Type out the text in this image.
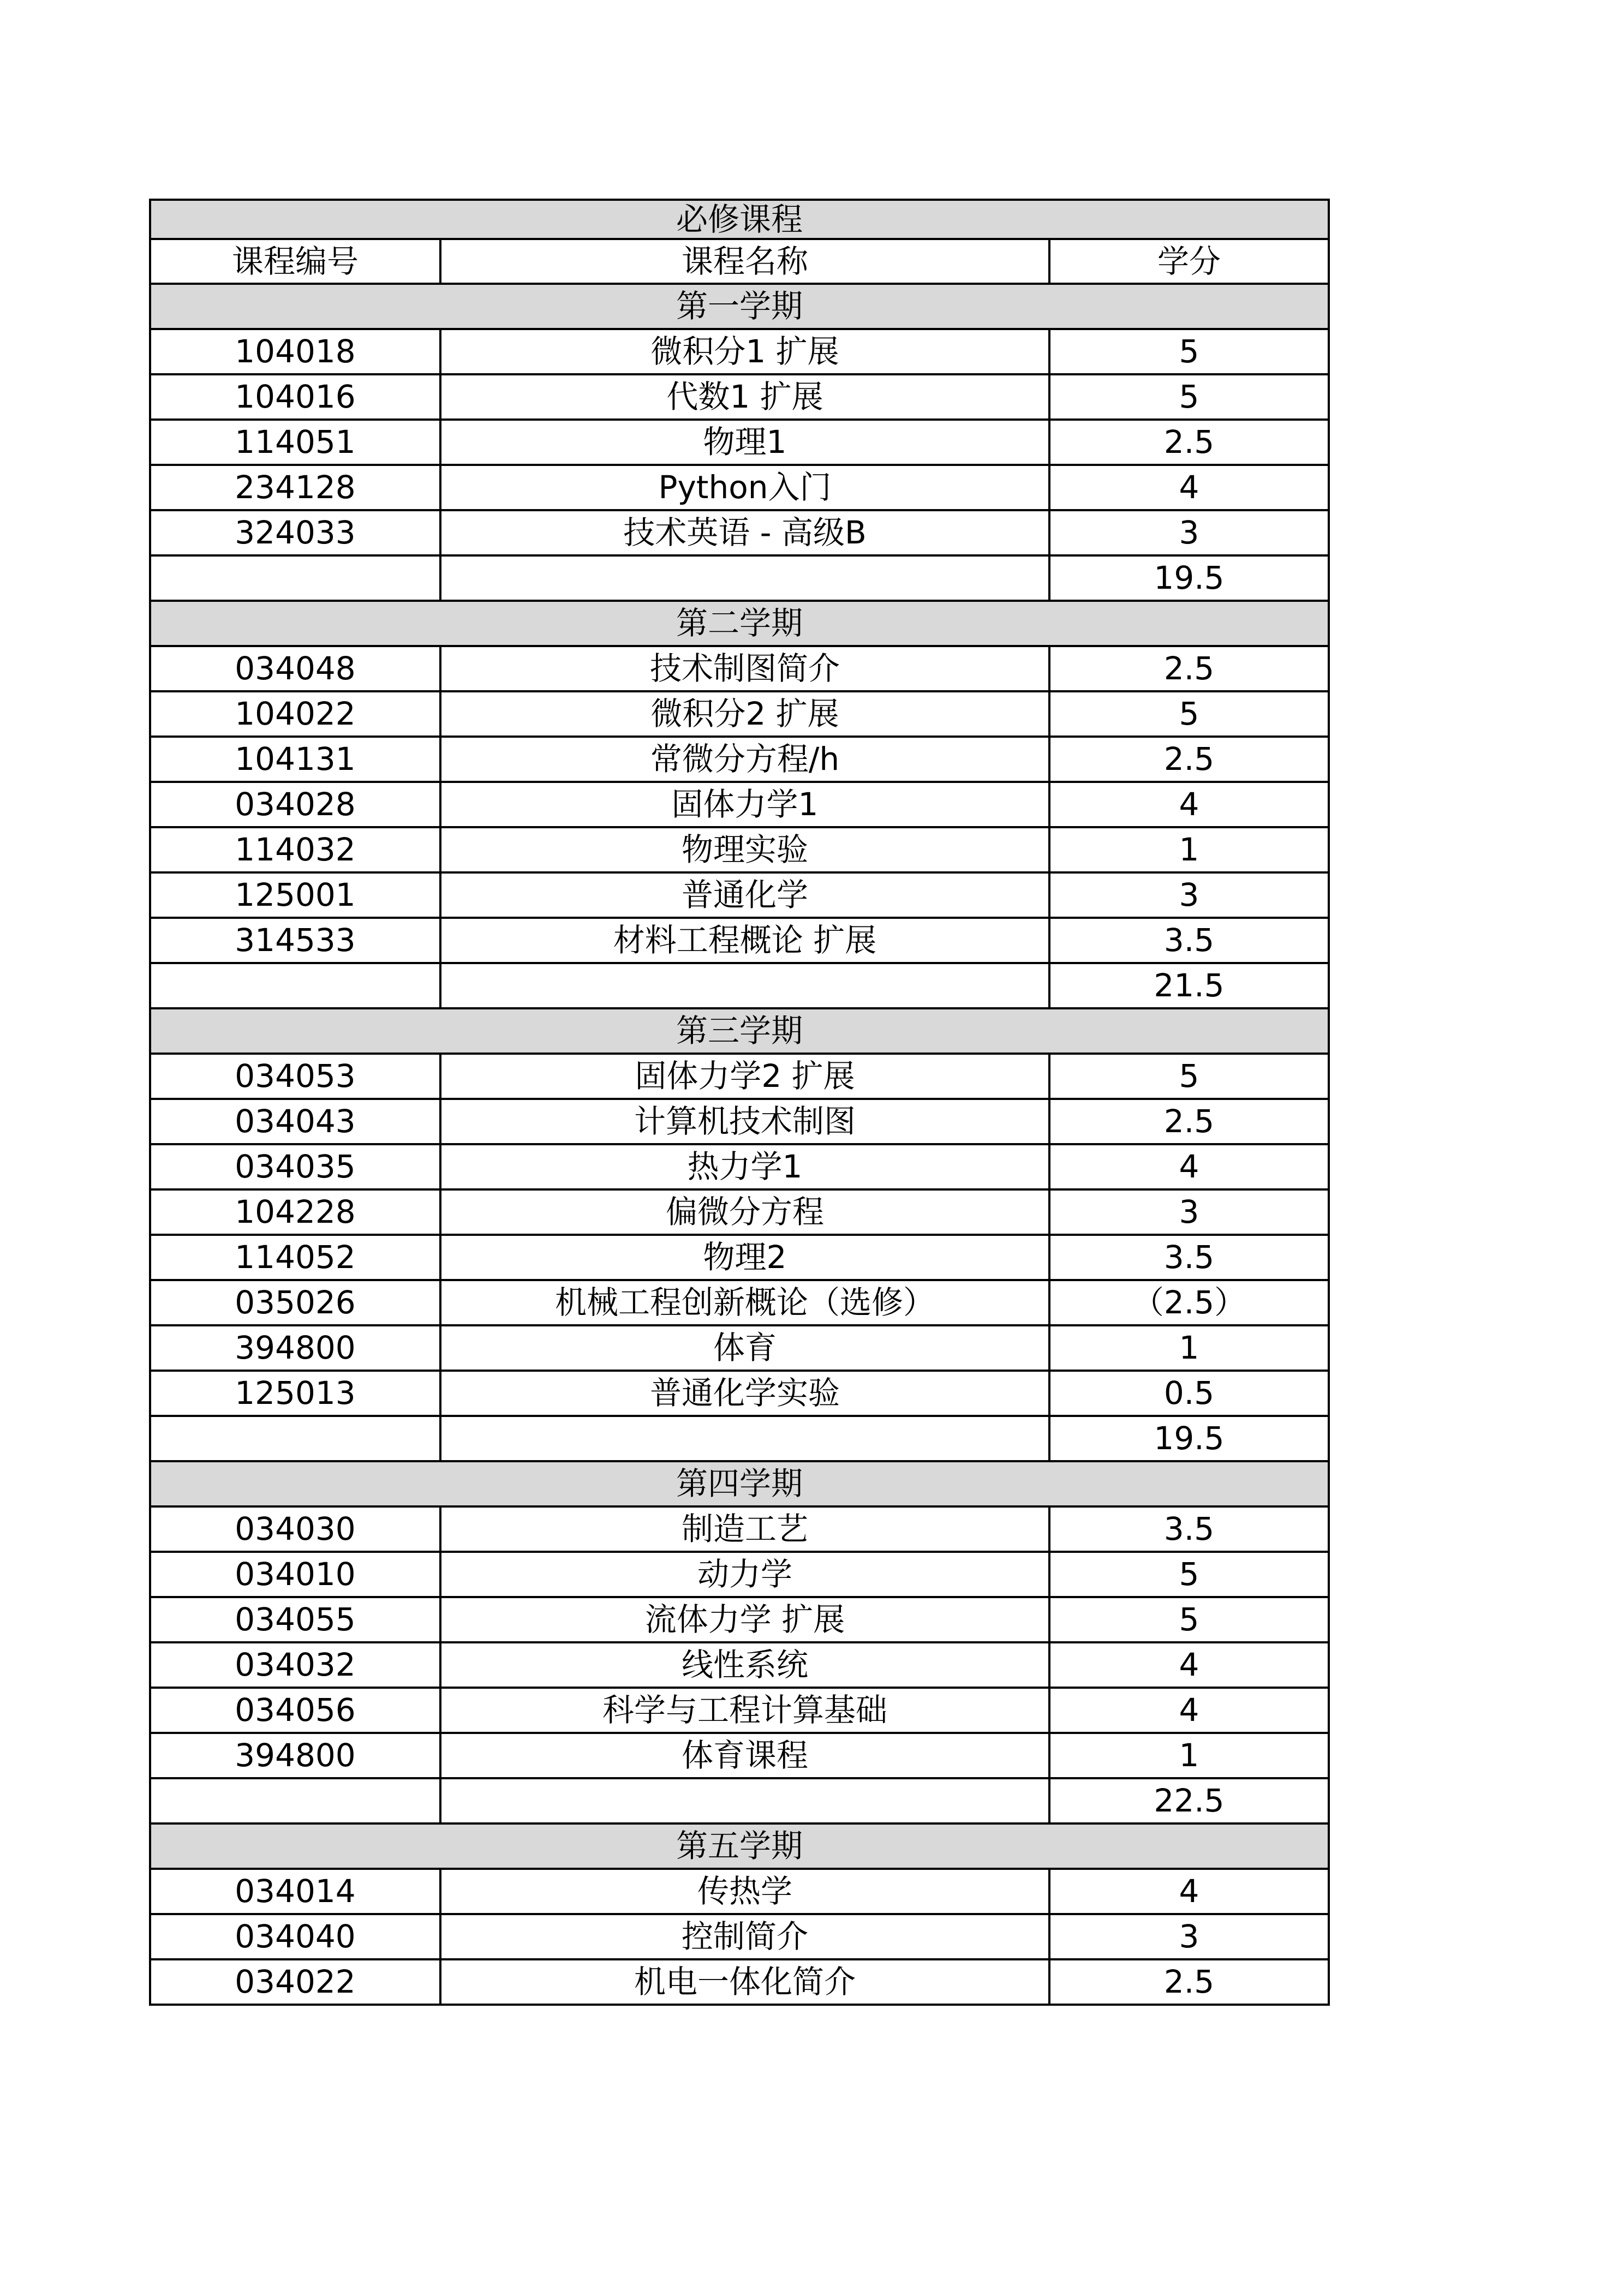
必修课程		
课程编号	课程名称	学分
第一学期		
104018	微积分1 扩展	5
104016	代数1 扩展	5
114051	物理1	2.5
234128	Python入门	4
324033	技术英语 - 高级B	3
		19.5
第二学期		
034048	技术制图简介	2.5
104022	微积分2 扩展	5
104131	常微分方程/h	2.5
034028	固体力学1	4
114032	物理实验	1
125001	普通化学	3
314533	材料工程概论 扩展	3.5
		21.5
第三学期		
034053	固体力学2 扩展	5
034043	计算机技术制图	2.5
034035	热力学1	4
104228	偏微分方程	3
114052	物理2	3.5
035026	机械工程创新概论（选修）	（2.5）
394800	体育	1
125013	普通化学实验	0.5
		19.5
第四学期		
034030	制造工艺	3.5
034010	动力学	5
034055	流体力学 扩展	5
034032	线性系统	4
034056	科学与工程计算基础	4
394800	体育课程	1
		22.5
第五学期		
034014	传热学	4
034040	控制简介	3
034022	机电一体化简介	2.5
